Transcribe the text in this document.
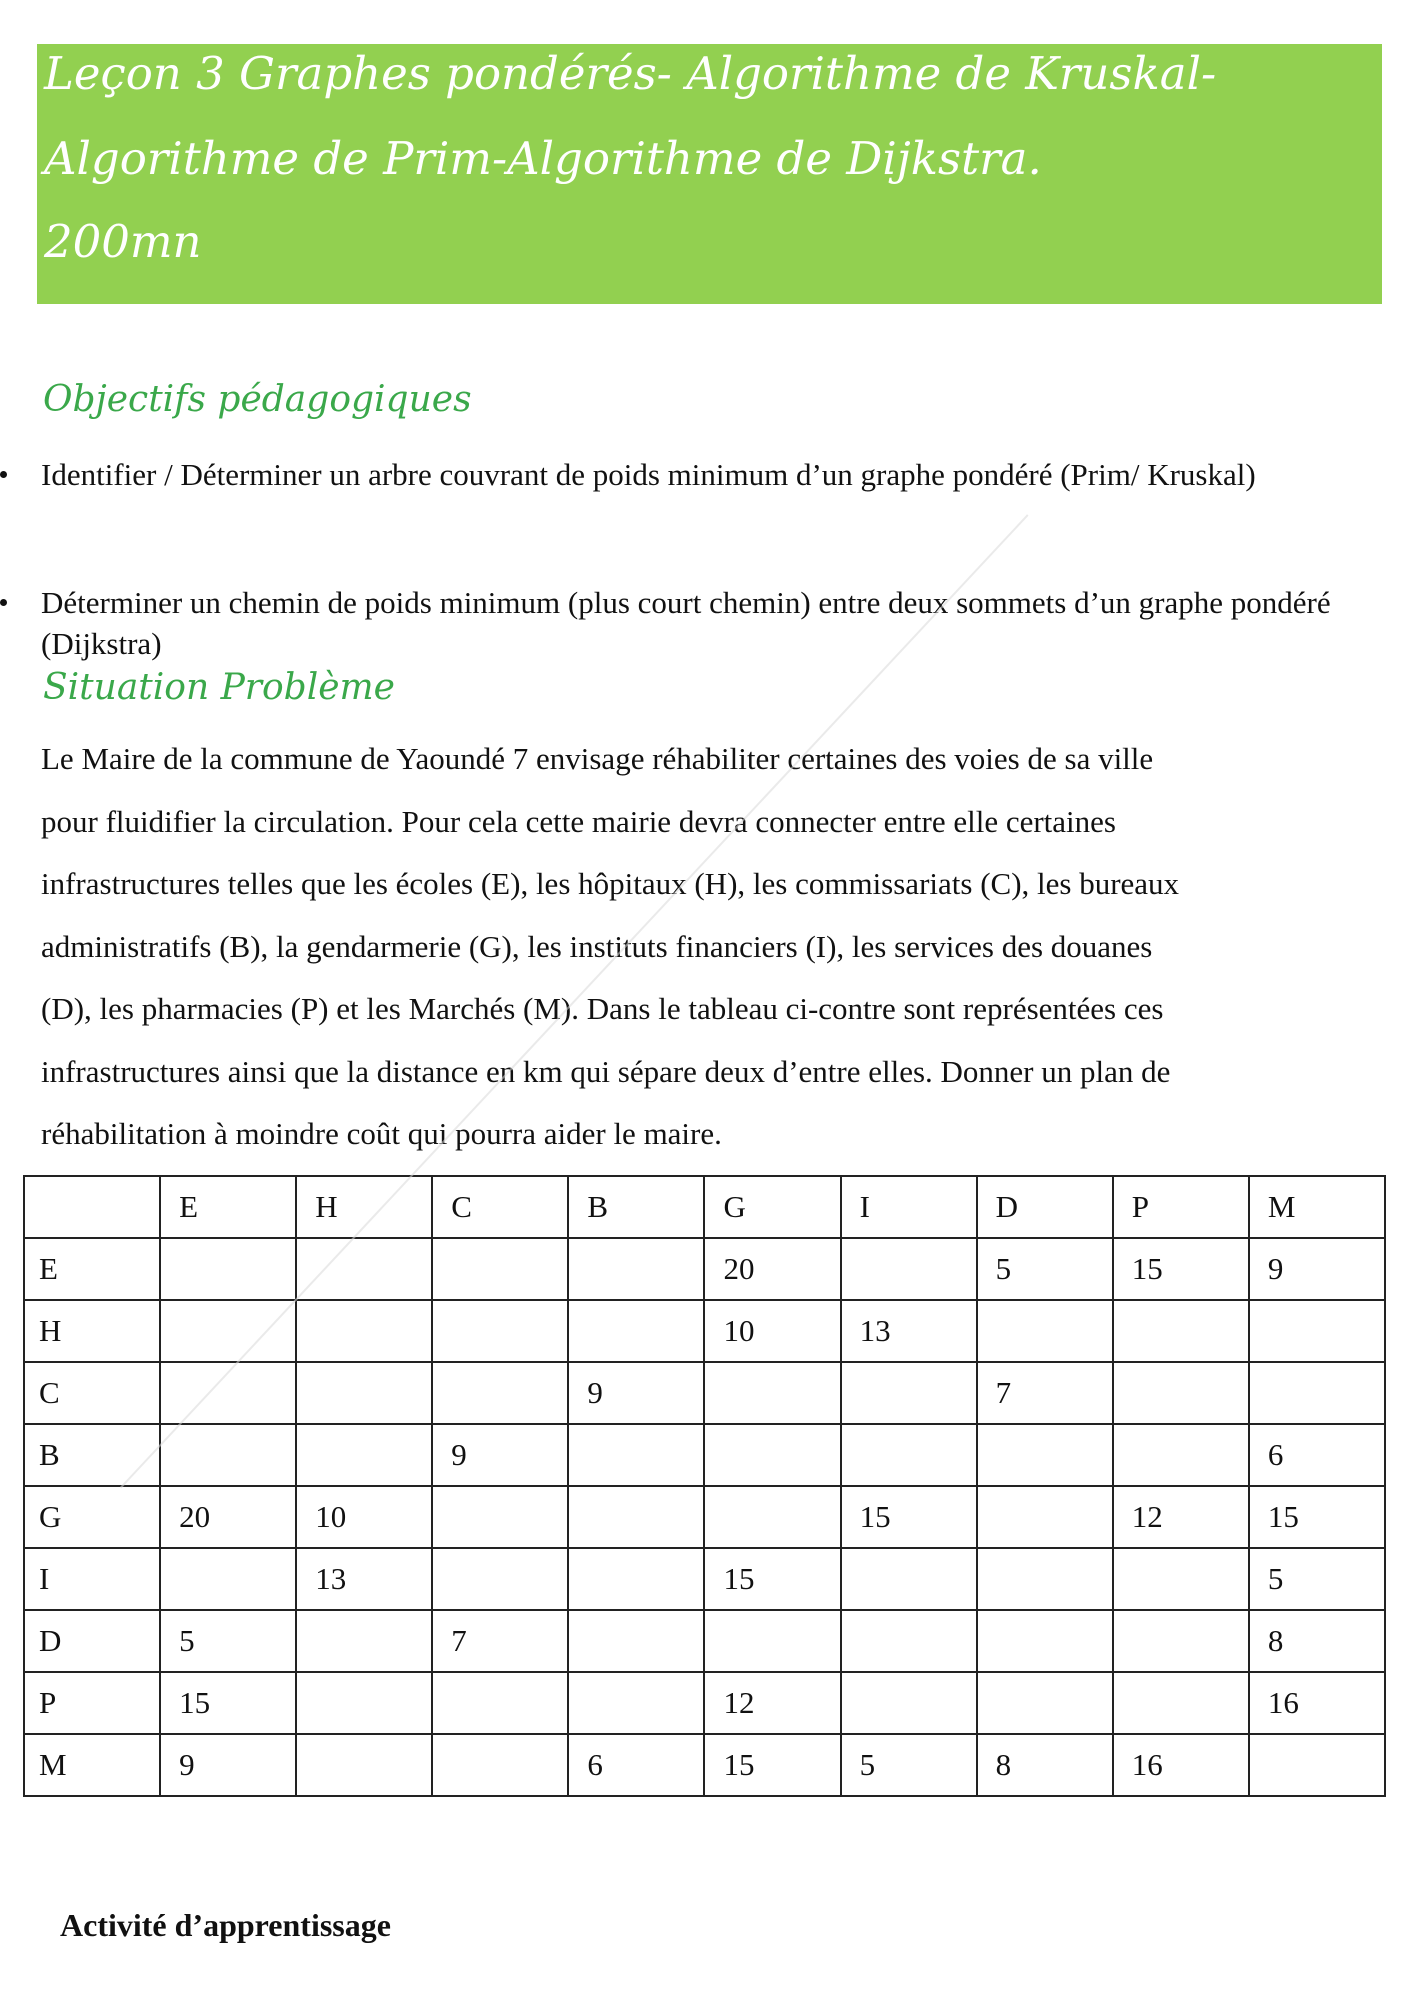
Leçon 3 Graphes pondérés- Algorithme de Kruskal-

Algorithme de Prim-Algorithme de Dijkstra.

200mn

Objectifs pédagogiques

Identifier / Déterminer un arbre couvrant de poids minimum d’un graphe pondéré (Prim/ Kruskal)

Déterminer un chemin de poids minimum (plus court chemin) entre deux sommets d’un graphe pondéré (Dijkstra)

Situation Problème

Le Maire de la commune de Yaoundé 7 envisage réhabiliter certaines des voies de sa ville

pour fluidifier la circulation. Pour cela cette mairie devra connecter entre elle certaines

infrastructures telles que les écoles (E), les hôpitaux (H), les commissariats (C), les bureaux

administratifs (B), la gendarmerie (G), les instituts financiers (I), les services des douanes

(D), les pharmacies (P) et les Marchés (M). Dans le tableau ci-contre sont représentées ces

infrastructures ainsi que la distance en km qui sépare deux d’entre elles. Donner un plan de

réhabilitation à moindre coût qui pourra aider le maire.

	E	H	C	B	G	I	D	P	M
E					20		5	15	9
H					10	13			
C				9			7		
B			9						6
G	20	10				15		12	15
I		13			15				5
D	5		7						8
P	15				12				16
M	9			6	15	5	8	16	

Activité d’apprentissage
